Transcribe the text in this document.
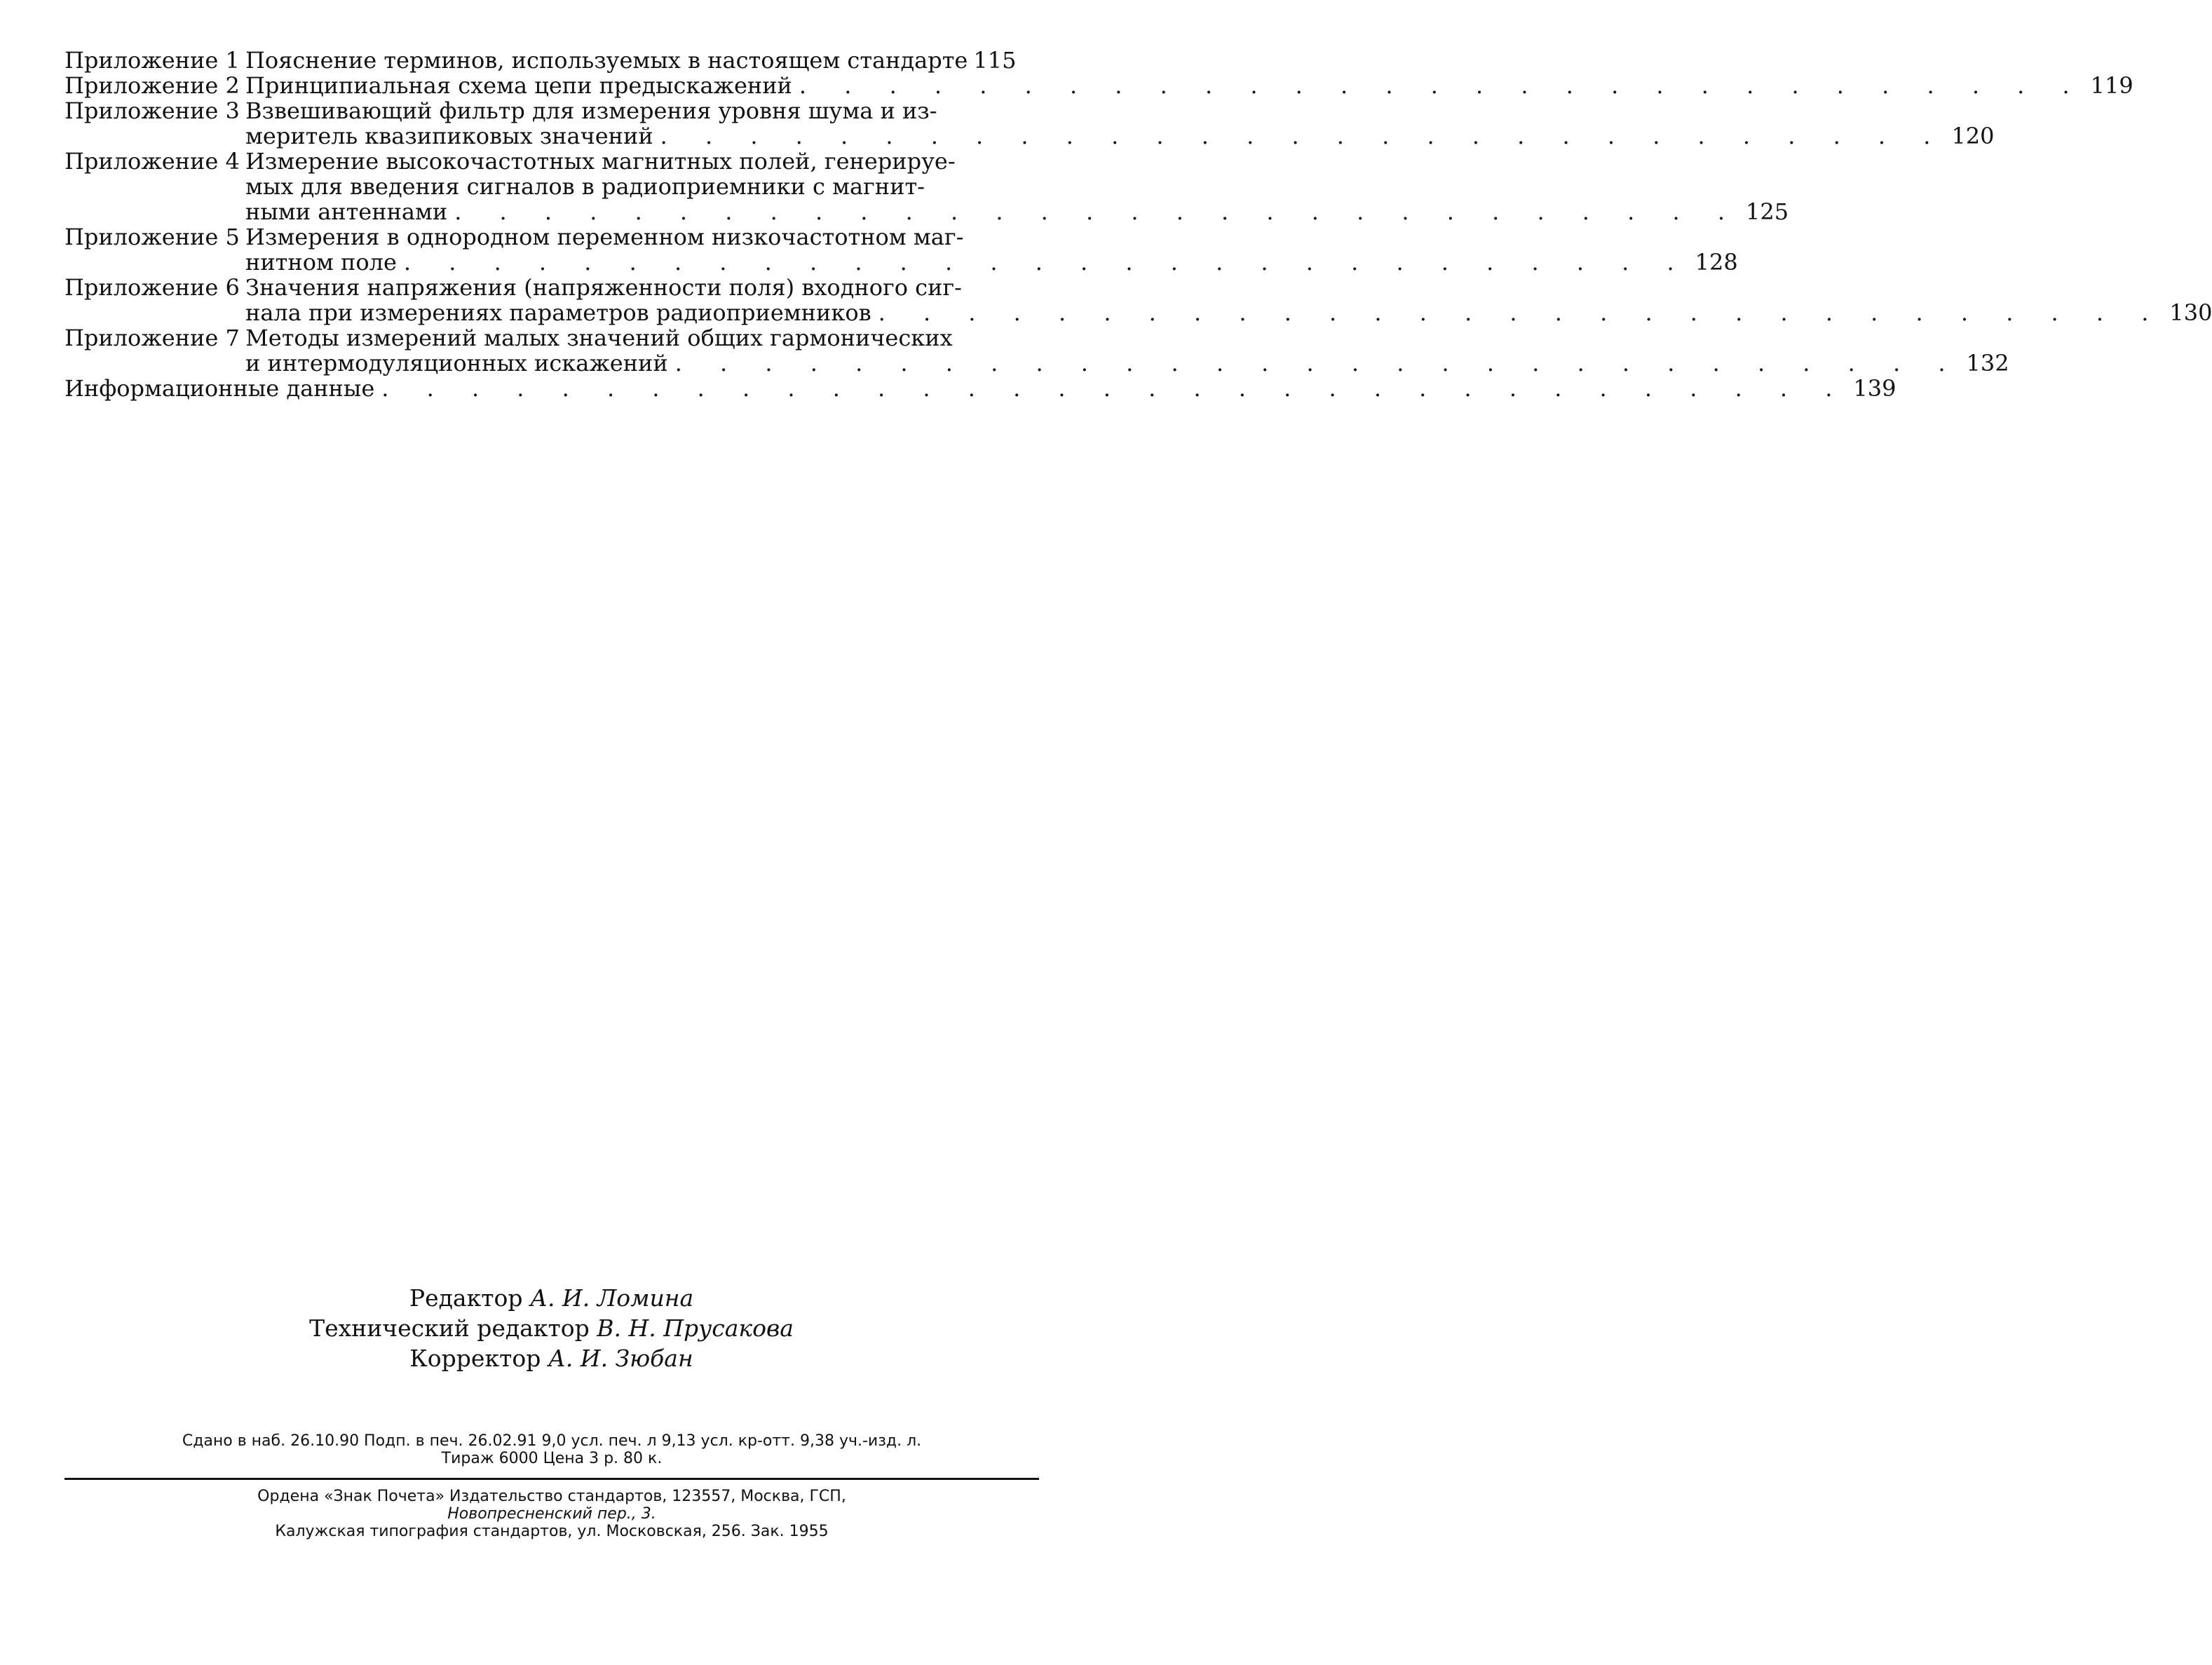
Приложение 1 Пояснение терминов, используемых в настоящем стандарте 115
Приложение 2 Принципиальная схема цепи предыскажений . . . . . . . . . . . . . . . . . . . . . . . . . . . . . 119
Приложение 3 Взвешивающий фильтр для измерения уровня шума и из-
меритель квазипиковых значений . . . . . . . . . . . . . . . . . . . . . . . . . . . . . 120
Приложение 4 Измерение высокочастотных магнитных полей, генерируе-
мых для введения сигналов в радиоприемники с магнит-
ными антеннами . . . . . . . . . . . . . . . . . . . . . . . . . . . . . 125
Приложение 5 Измерения в однородном переменном низкочастотном маг-
нитном поле . . . . . . . . . . . . . . . . . . . . . . . . . . . . . 128
Приложение 6 Значения напряжения (напряженности поля) входного сиг-
нала при измерениях параметров радиоприемников . . . . . . . . . . . . . . . . . . . . . . . . . . . . . 130
Приложение 7 Методы измерений малых значений общих гармонических
и интермодуляционных искажений . . . . . . . . . . . . . . . . . . . . . . . . . . . . . 132
Информационные данные . . . . . . . . . . . . . . . . . . . . . . . . . . . . . . . . . 139
Редактор А. И. Ломина
Технический редактор В. Н. Прусакова
Корректор А. И. Зюбан
Сдано в наб. 26.10.90 Подп. в печ. 26.02.91 9,0 усл. печ. л 9,13 усл. кр-отт. 9,38 уч.-изд. л.
Тираж 6000 Цена 3 р. 80 к.
Ордена «Знак Почета» Издательство стандартов, 123557, Москва, ГСП,
Новопресненский пер., 3.
Калужская типография стандартов, ул. Московская, 256. Зак. 1955
